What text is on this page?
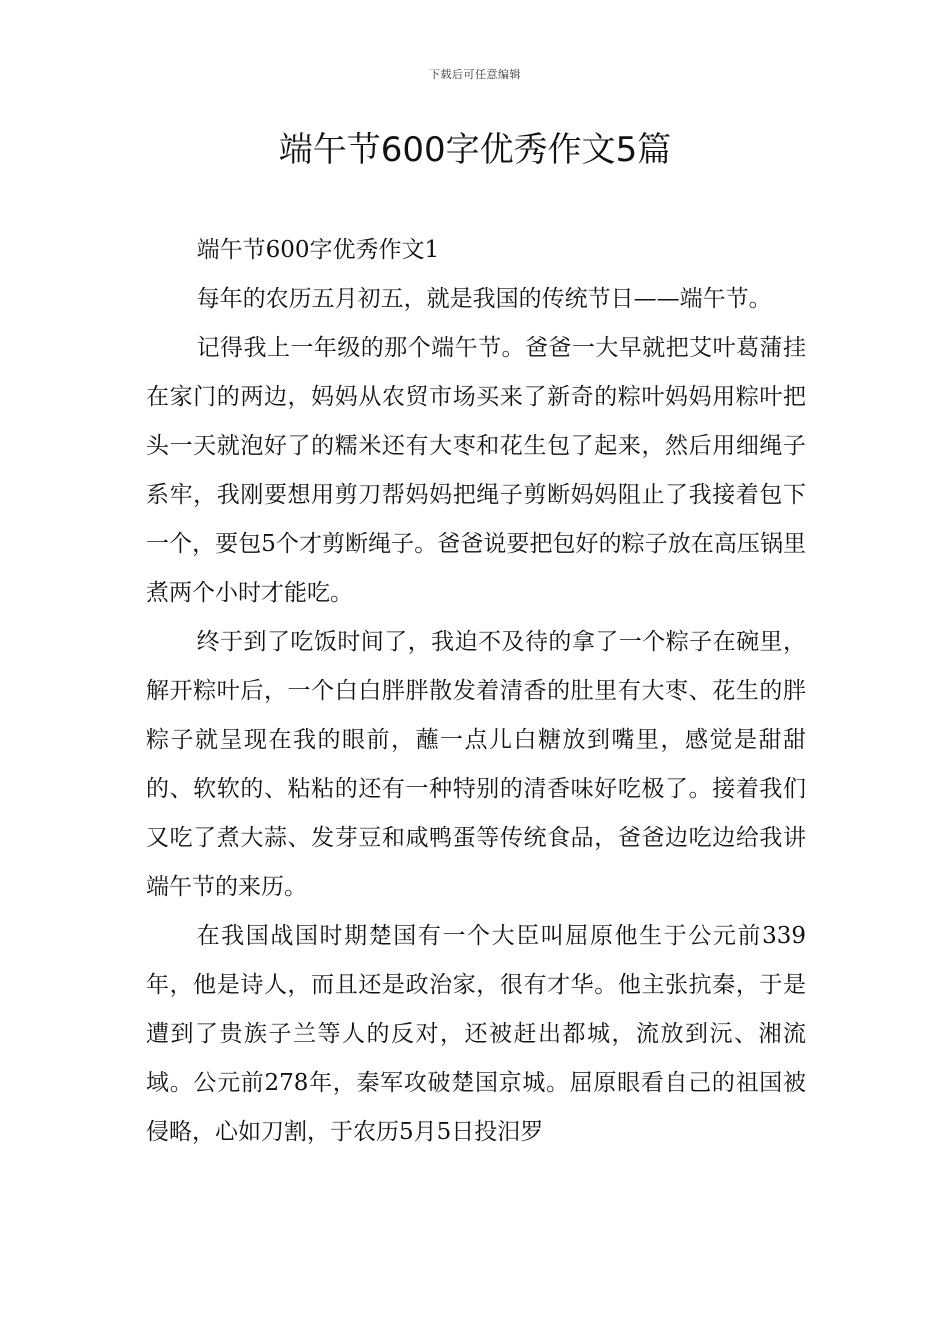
下载后可任意编辑
端午节600字优秀作文5篇

端午节600字优秀作文1

每年的农历五月初五，就是我国的传统节日——端午节。

记得我上一年级的那个端午节。爸爸一大早就把艾叶葛蒲挂在家门的两边，妈妈从农贸市场买来了新奇的粽叶妈妈用粽叶把头一天就泡好了的糯米还有大枣和花生包了起来，然后用细绳子系牢，我刚要想用剪刀帮妈妈把绳子剪断妈妈阻止了我接着包下一个，要包5个才剪断绳子。爸爸说要把包好的粽子放在高压锅里煮两个小时才能吃。

终于到了吃饭时间了，我迫不及待的拿了一个粽子在碗里，解开粽叶后，一个白白胖胖散发着清香的肚里有大枣、花生的胖粽子就呈现在我的眼前，蘸一点儿白糖放到嘴里，感觉是甜甜的、软软的、粘粘的还有一种特别的清香味好吃极了。接着我们又吃了煮大蒜、发芽豆和咸鸭蛋等传统食品，爸爸边吃边给我讲端午节的来历。

在我国战国时期楚国有一个大臣叫屈原他生于公元前339年，他是诗人，而且还是政治家，很有才华。他主张抗秦，于是遭到了贵族子兰等人的反对，还被赶出都城，流放到沅、湘流域。公元前278年，秦军攻破楚国京城。屈原眼看自己的祖国被侵略，心如刀割，于农历5月5日投汨罗
